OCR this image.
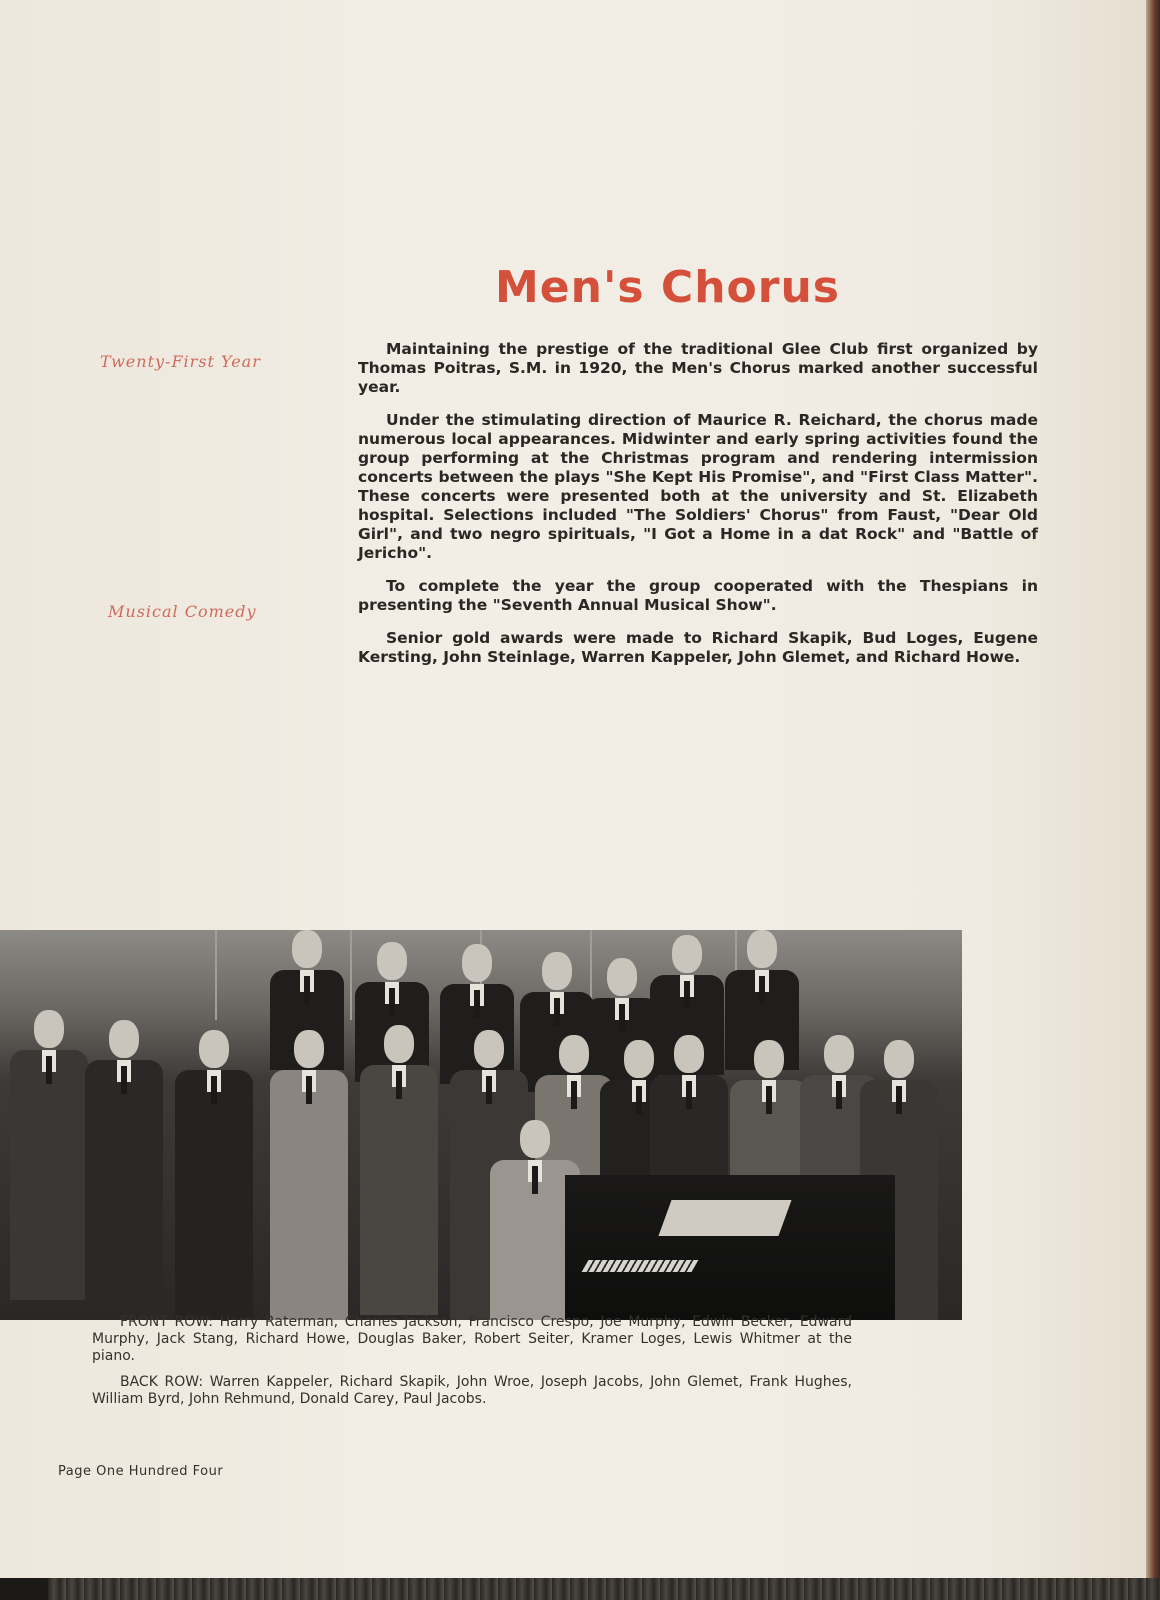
Men's Chorus
Twenty-First Year
Musical Comedy

Maintaining the prestige of the traditional Glee Club first organized by Thomas Poitras, S.M. in 1920, the Men's Chorus marked another successful year.

Under the stimulating direction of Maurice R. Reichard, the chorus made numerous local appearances. Midwinter and early spring activities found the group performing at the Christmas program and rendering intermission concerts between the plays "She Kept His Promise", and "First Class Matter". These concerts were presented both at the university and St. Elizabeth hospital. Selections included "The Soldiers' Chorus" from Faust, "Dear Old Girl", and two negro spirituals, "I Got a Home in a dat Rock" and "Battle of Jericho".

To complete the year the group cooperated with the Thespians in presenting the "Seventh Annual Musical Show".

Senior gold awards were made to Richard Skapik, Bud Loges, Eugene Kersting, John Steinlage, Warren Kappeler, John Glemet, and Richard Howe.

FRONT ROW: Harry Raterman, Charles Jackson, Francisco Crespo, Joe Murphy, Edwin Becker, Edward Murphy, Jack Stang, Richard Howe, Douglas Baker, Robert Seiter, Kramer Loges, Lewis Whitmer at the piano.

BACK ROW: Warren Kappeler, Richard Skapik, John Wroe, Joseph Jacobs, John Glemet, Frank Hughes, William Byrd, John Rehmund, Donald Carey, Paul Jacobs.

Page One Hundred Four
